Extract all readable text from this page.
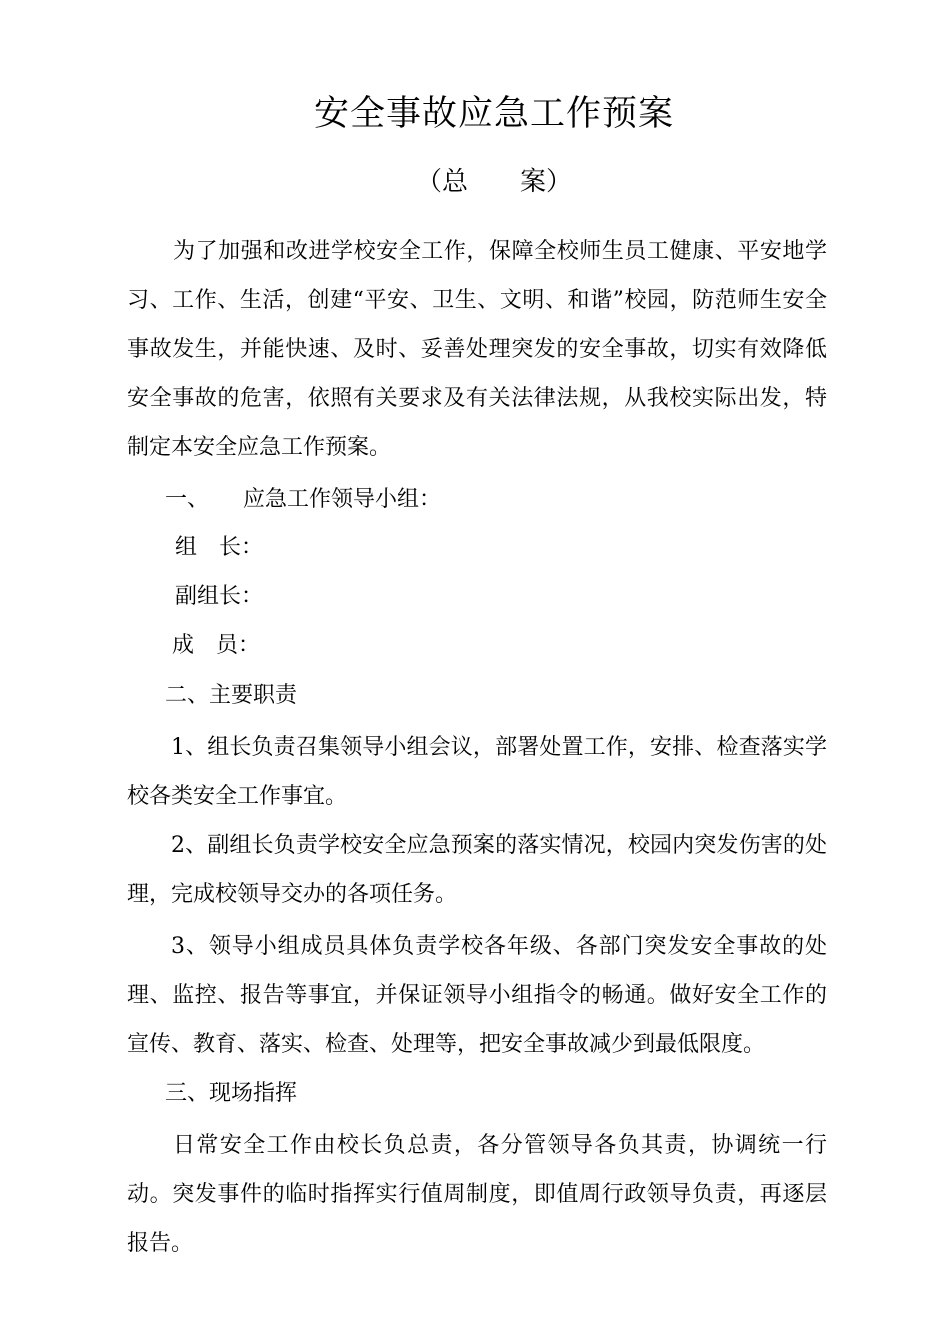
安全事故应急工作预案
（总　　案）

为了加强和改进学校安全工作，保障全校师生员工健康、平安地学习、工作、生活，创建“平安、卫生、文明、和谐”校园，防范师生安全事故发生，并能快速、及时、妥善处理突发的安全事故，切实有效降低安全事故的危害，依照有关要求及有关法律法规，从我校实际出发，特制定本安全应急工作预案。

一、 应急工作领导小组：
组　长：
副组长：
成　员：
二、主要职责

1、组长负责召集领导小组会议，部署处置工作，安排、检查落实学校各类安全工作事宜。

2、副组长负责学校安全应急预案的落实情况，校园内突发伤害的处理，完成校领导交办的各项任务。

3、领导小组成员具体负责学校各年级、各部门突发安全事故的处理、监控、报告等事宜，并保证领导小组指令的畅通。做好安全工作的宣传、教育、落实、检查、处理等，把安全事故减少到最低限度。

三、现场指挥

日常安全工作由校长负总责，各分管领导各负其责，协调统一行动。突发事件的临时指挥实行值周制度，即值周行政领导负责，再逐层报告。
